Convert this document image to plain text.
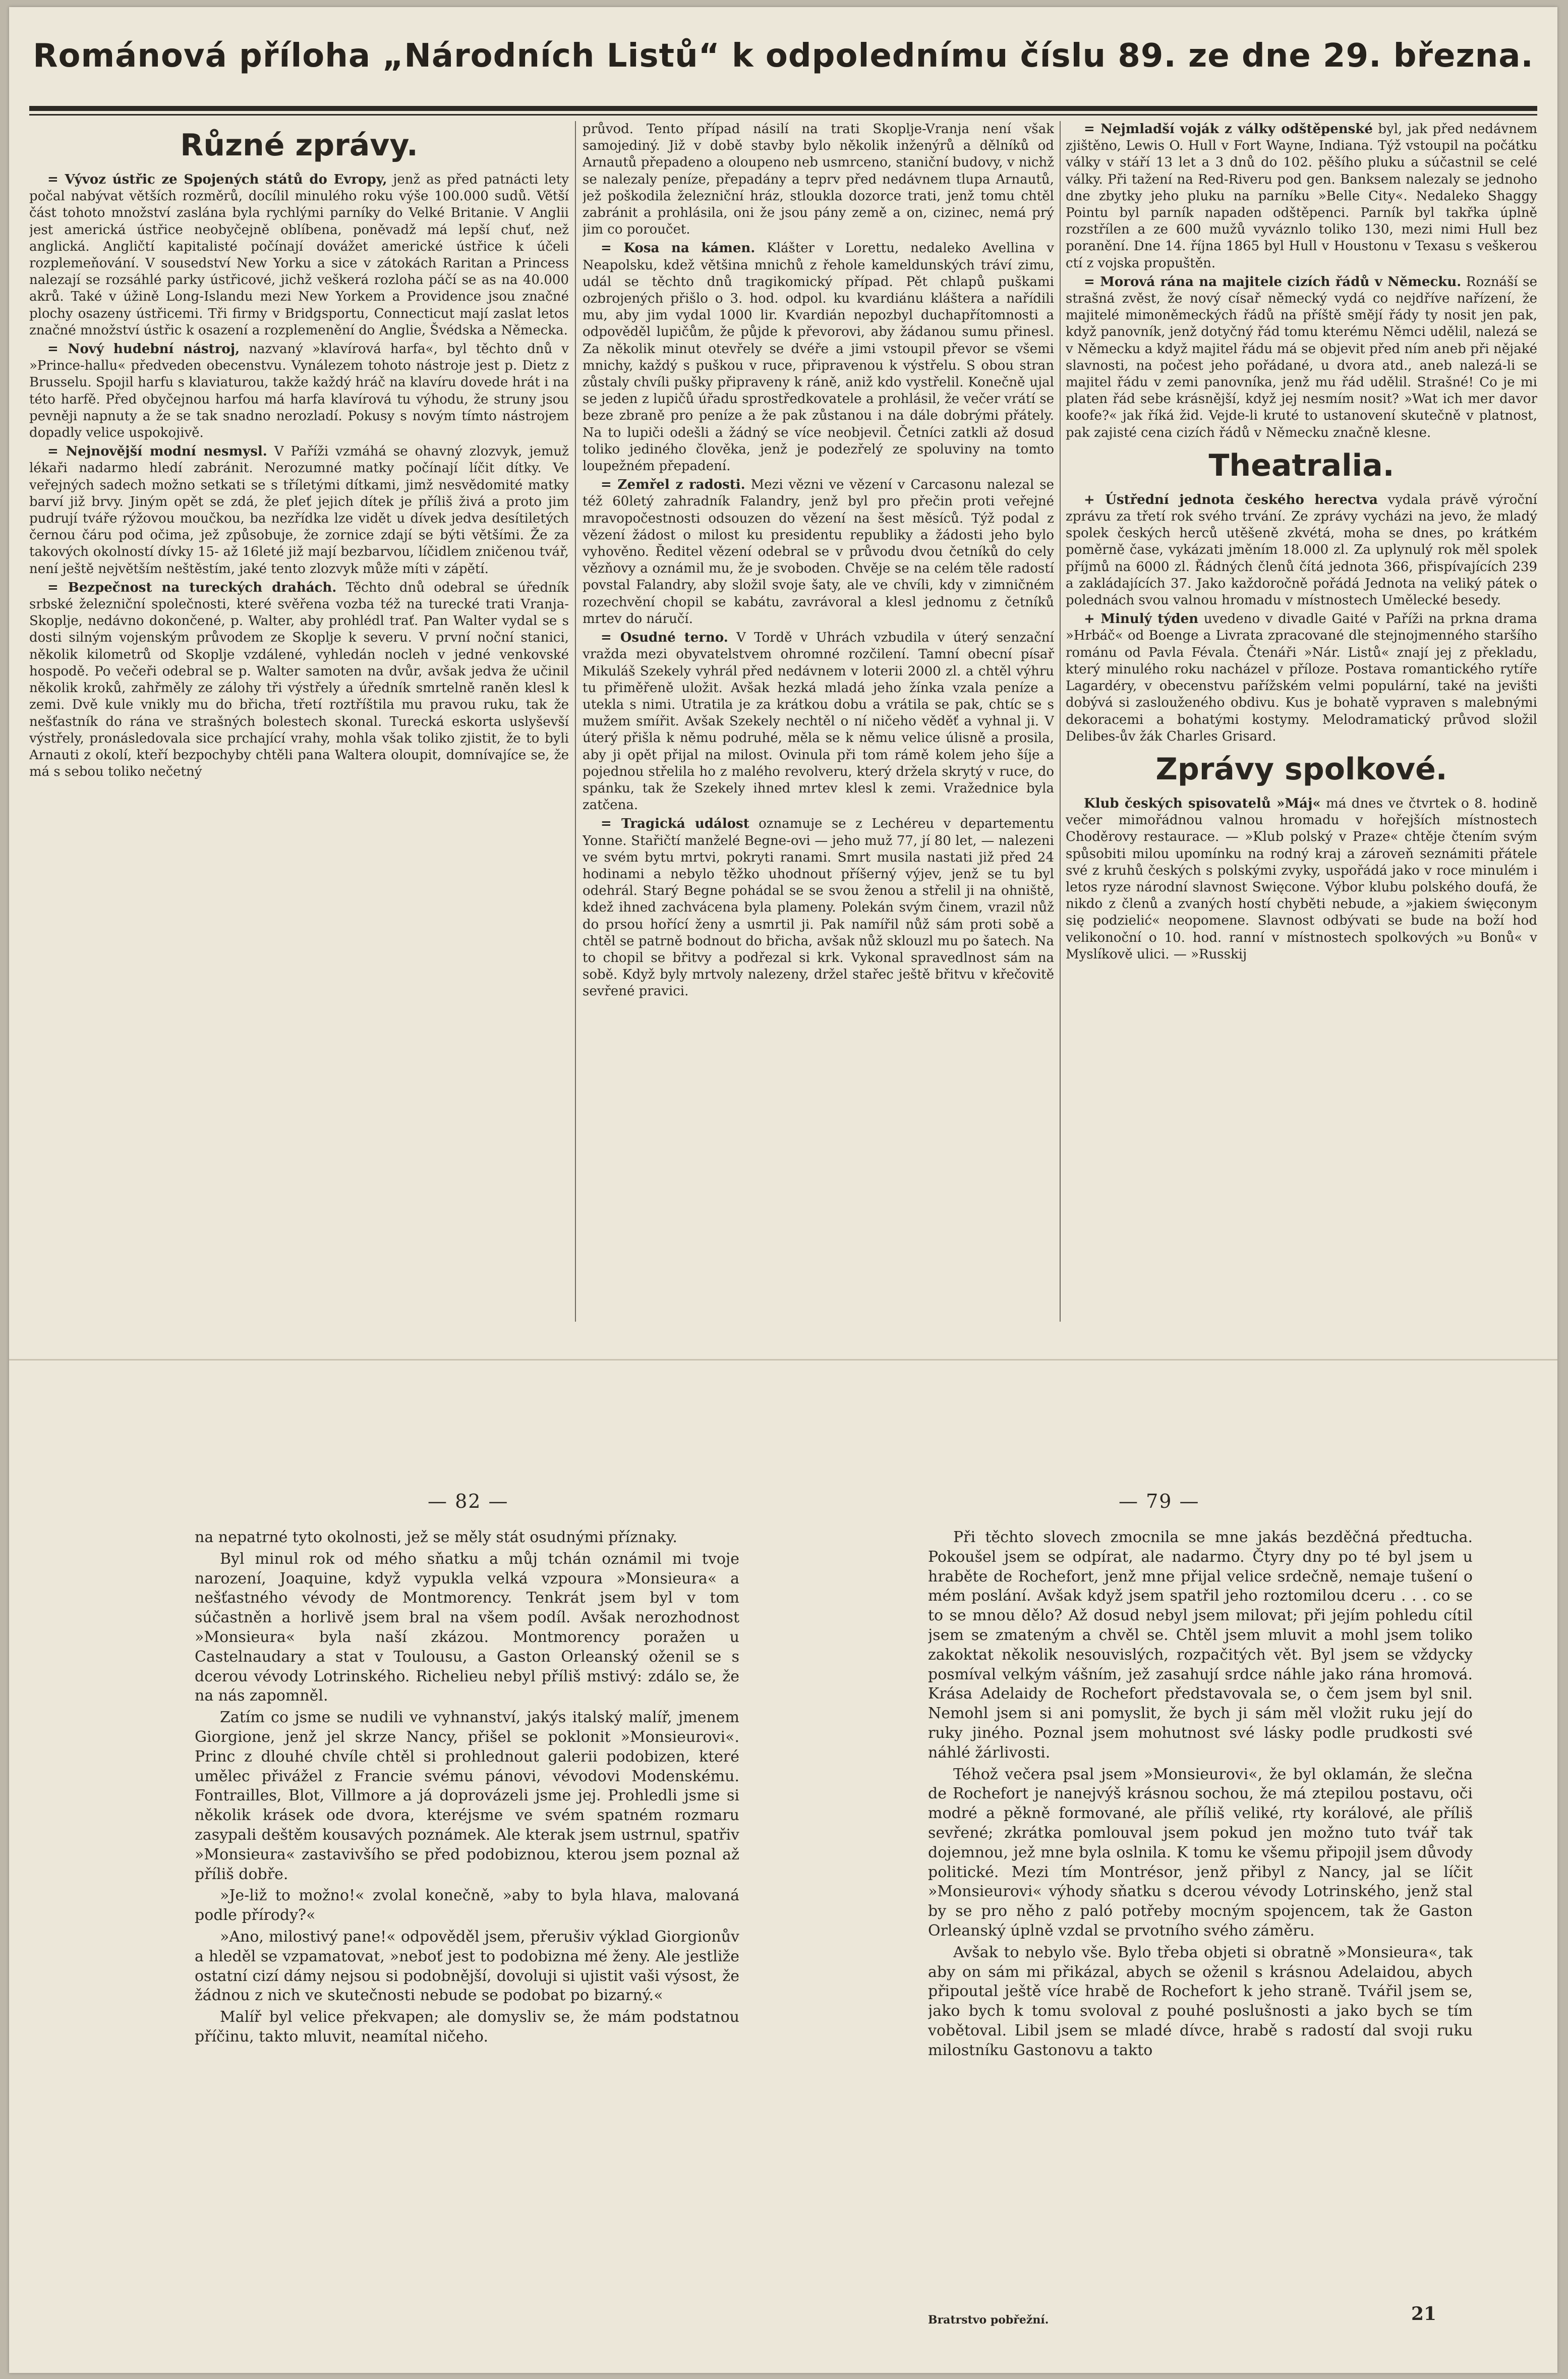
Románová příloha „Národních Listů“ k odpolednímu číslu 89. ze dne 29. března.
Různé zprávy.

= Vývoz ústřic ze Spojených států do Evropy, jenž as před patnácti lety počal nabývat větších rozměrů, docílil minulého roku výše 100.000 sudů. Větší část tohoto množství zaslána byla rychlými parníky do Velké Britanie. V Anglii jest americká ústřice neobyčejně oblíbena, poněvadž má lepší chuť, než anglická. Angličtí kapitalisté počínají dovážet americké ústřice k účeli rozplemeňování. V sousedství New Yorku a sice v zátokách Raritan a Princess nalezají se rozsáhlé parky ústřicové, jichž veškerá rozloha páčí se as na 40.000 akrů. Také v úžině Long-Islandu mezi New Yorkem a Providence jsou značné plochy osazeny ústřicemi. Tři firmy v Bridgsportu, Connecticut mají zaslat letos značné množství ústřic k osazení a rozplemenění do Anglie, Švédska a Německa.

= Nový hudební nástroj, nazvaný »klavírová harfa«, byl těchto dnů v »Prince-hallu« předveden obecenstvu. Vynálezem tohoto nástroje jest p. Dietz z Brusselu. Spojil harfu s klaviaturou, takže každý hráč na klavíru dovede hrát i na této harfě. Před obyčejnou harfou má harfa klavírová tu výhodu, že struny jsou pevněji napnuty a že se tak snadno nerozladí. Pokusy s novým tímto nástrojem dopadly velice uspokojivě.

= Nejnovější modní nesmysl. V Paříži vzmáhá se ohavný zlozvyk, jemuž lékaři nadarmo hledí zabránit. Nerozumné matky počínají líčit dítky. Ve veřejných sadech možno setkati se s tříletými dítkami, jimž nesvědomité matky barví již brvy. Jiným opět se zdá, že pleť jejich dítek je příliš živá a proto jim pudrují tváře rýžovou moučkou, ba nezřídka lze vidět u dívek jedva desítiletých černou čáru pod očima, jež způsobuje, že zornice zdají se býti většími. Že za takových okolností dívky 15- až 16leté již mají bezbarvou, líčidlem zničenou tvář, není ještě největším neštěstím, jaké tento zlozvyk může míti v zápětí.

= Bezpečnost na tureckých drahách. Těchto dnů odebral se úředník srbské železniční společnosti, které svěřena vozba též na turecké trati Vranja-Skoplje, nedávno dokončené, p. Walter, aby prohlédl trať. Pan Walter vydal se s dosti silným vojenským průvodem ze Skoplje k severu. V první noční stanici, několik kilometrů od Skoplje vzdálené, vyhledán nocleh v jedné venkovské hospodě. Po večeři odebral se p. Walter samoten na dvůr, avšak jedva že učinil několik kroků, zahřměly ze zálohy tři výstřely a úředník smrtelně raněn klesl k zemi. Dvě kule vnikly mu do břicha, třetí roztříštila mu pravou ruku, tak že nešťastník do rána ve strašných bolestech skonal. Turecká eskorta uslyševší výstřely, pronásledovala sice prchající vrahy, mohla však toliko zjistit, že to byli Arnauti z okolí, kteří bezpochyby chtěli pana Waltera oloupit, domnívajíce se, že má s sebou toliko nečetný

průvod. Tento případ násilí na trati Skoplje-Vranja není však samojediný. Již v době stavby bylo několik inženýrů a dělníků od Arnautů přepadeno a oloupeno neb usmrceno, staniční budovy, v nichž se nalezaly peníze, přepadány a teprv před nedávnem tlupa Arnautů, jež poškodila železniční hráz, stloukla dozorce trati, jenž tomu chtěl zabránit a prohlásila, oni že jsou pány země a on, cizinec, nemá prý jim co poroučet.

= Kosa na kámen. Klášter v Lorettu, nedaleko Avellina v Neapolsku, kdež většina mnichů z řehole kameldunských tráví zimu, udál se těchto dnů tragikomický případ. Pět chlapů puškami ozbrojených přišlo o 3. hod. odpol. ku kvardiánu kláštera a nařídili mu, aby jim vydal 1000 lir. Kvardián nepozbyl duchapřítomnosti a odpověděl lupičům, že půjde k převorovi, aby žádanou sumu přinesl. Za několik minut otevřely se dvéře a jimi vstoupil převor se všemi mnichy, každý s puškou v ruce, připravenou k výstřelu. S obou stran zůstaly chvíli pušky připraveny k ráně, aniž kdo vystřelil. Konečně ujal se jeden z lupičů úřadu sprostředkovatele a prohlásil, že večer vrátí se beze zbraně pro peníze a že pak zůstanou i na dále dobrými přátely. Na to lupiči odešli a žádný se více neobjevil. Četníci zatkli až dosud toliko jediného člověka, jenž je podezřelý ze spoluviny na tomto loupežném přepadení.

= Zemřel z radosti. Mezi vězni ve vězení v Carcasonu nalezal se též 60letý zahradník Falandry, jenž byl pro přečin proti veřejné mravopočestnosti odsouzen do vězení na šest měsíců. Týž podal z vězení žádost o milost ku presidentu republiky a žádosti jeho bylo vyhověno. Ředitel vězení odebral se v průvodu dvou četníků do cely vězňovy a oznámil mu, že je svoboden. Chvěje se na celém těle radostí povstal Falandry, aby složil svoje šaty, ale ve chvíli, kdy v zimničném rozechvění chopil se kabátu, zavrávoral a klesl jednomu z četníků mrtev do náručí.

= Osudné terno. V Tordě v Uhrách vzbudila v úterý senzační vražda mezi obyvatelstvem ohromné rozčilení. Tamní obecní písař Mikuláš Szekely vyhrál před nedávnem v loterii 2000 zl. a chtěl výhru tu přiměřeně uložit. Avšak hezká mladá jeho žínka vzala peníze a utekla s nimi. Utratila je za krátkou dobu a vrátila se pak, chtíc se s mužem smířit. Avšak Szekely nechtěl o ní ničeho věděť a vyhnal ji. V úterý přišla k němu podruhé, měla se k němu velice úlisně a prosila, aby ji opět přijal na milost. Ovinula při tom rámě kolem jeho šíje a pojednou střelila ho z malého revolveru, který držela skrytý v ruce, do spánku, tak že Szekely ihned mrtev klesl k zemi. Vražednice byla zatčena.

= Tragická událost oznamuje se z Lechéreu v departementu Yonne. Stařičtí manželé Begne-ovi — jeho muž 77, jí 80 let, — nalezeni ve svém bytu mrtvi, pokryti ranami. Smrt musila nastati již před 24 hodinami a nebylo těžko uhodnout příšerný výjev, jenž se tu byl odehrál. Starý Begne pohádal se se svou ženou a střelil ji na ohniště, kdež ihned zachvácena byla plameny. Polekán svým činem, vrazil nůž do prsou hořící ženy a usmrtil ji. Pak namířil nůž sám proti sobě a chtěl se patrně bodnout do břicha, avšak nůž sklouzl mu po šatech. Na to chopil se břitvy a podřezal si krk. Vykonal spravedlnost sám na sobě. Když byly mrtvoly nalezeny, držel stařec ještě břitvu v křečovitě sevřené pravici.

= Nejmladší voják z války odštěpenské byl, jak před nedávnem zjištěno, Lewis O. Hull v Fort Wayne, Indiana. Týž vstoupil na počátku války v stáří 13 let a 3 dnů do 102. pěšího pluku a súčastnil se celé války. Při tažení na Red-Riveru pod gen. Banksem nalezaly se jednoho dne zbytky jeho pluku na parníku »Belle City«. Nedaleko Shaggy Pointu byl parník napaden odštěpenci. Parník byl takřka úplně rozstřílen a ze 600 mužů vyváznlo toliko 130, mezi nimi Hull bez poranění. Dne 14. října 1865 byl Hull v Houstonu v Texasu s veškerou ctí z vojska propuštěn.

= Morová rána na majitele cizích řádů v Německu. Roznáší se strašná zvěst, že nový císař německý vydá co nejdříve nařízení, že majitelé mimoněmeckých řádů na příště smějí řády ty nosit jen pak, když panovník, jenž dotyčný řád tomu kterému Němci udělil, nalezá se v Německu a když majitel řádu má se objevit před ním aneb při nějaké slavnosti, na počest jeho pořádané, u dvora atd., aneb nalezá-li se majitel řádu v zemi panovníka, jenž mu řád udělil. Strašné! Co je mi platen řád sebe krásnější, když jej nesmím nosit? »Wat ich mer davor koofe?« jak říká žid. Vejde-li kruté to ustanovení skutečně v platnost, pak zajisté cena cizích řádů v Německu značně klesne.

Theatralia.

+ Ústřední jednota českého herectva vydala právě výroční zprávu za třetí rok svého trvání. Ze zprávy vycházi na jevo, že mladý spolek českých herců utěšeně zkvétá, moha se dnes, po krátkém poměrně čase, vykázati jměním 18.000 zl. Za uplynulý rok měl spolek příjmů na 6000 zl. Řádných členů čítá jednota 366, přispívajících 239 a zakládajících 37. Jako každoročně pořádá Jednota na veliký pátek o polednách svou valnou hromadu v místnostech Umělecké besedy.

+ Minulý týden uvedeno v divadle Gaité v Paříži na prkna drama »Hrbáč« od Boenge a Livrata zpracované dle stejnojmenného staršího románu od Pavla Févala. Čtenáři »Nár. Listů« znají jej z překladu, který minulého roku nacházel v příloze. Postava romantického rytíře Lagardéry, v obecenstvu pařížském velmi populární, také na jevišti dobývá si zaslouženého obdivu. Kus je bohatě vypraven s malebnými dekoracemi a bohatými kostymy. Melodramatický průvod složil Delibes-ův žák Charles Grisard.

Zprávy spolkové.

Klub českých spisovatelů »Máj« má dnes ve čtvrtek o 8. hodině večer mimořádnou valnou hromadu v hořejších místnostech Choděrovy restaurace. — »Klub polský v Praze« chtěje čtením svým spůsobiti milou upomínku na rodný kraj a zároveň seznámiti přátele své z kruhů českých s polskými zvyky, uspořádá jako v roce minulém i letos ryze národní slavnost Swięcone. Výbor klubu polského doufá, že nikdo z členů a zvaných hostí chyběti nebude, a »jakiem święconym się podzielić« neopomene. Slavnost odbývati se bude na boží hod velikonoční o 10. hod. ranní v místnostech spolkových »u Bonů« v Myslíkově ulici. — »Russkij

— 82 —	— 79 —

na nepatrné tyto okolnosti, jež se měly stát osudnými příznaky.

Byl minul rok od mého sňatku a můj tchán oznámil mi tvoje narození, Joaquine, když vypukla velká vzpoura »Monsieura« a nešťastného vévody de Montmorency. Tenkrát jsem byl v tom súčastněn a horlivě jsem bral na všem podíl. Avšak nerozhodnost »Monsieura« byla naší zkázou. Montmorency poražen u Castelnaudary a stat v Toulousu, a Gaston Orleanský oženil se s dcerou vévody Lotrinského. Richelieu nebyl příliš mstivý: zdálo se, že na nás zapomněl.

Zatím co jsme se nudili ve vyhnanství, jakýs italský malíř, jmenem Giorgione, jenž jel skrze Nancy, přišel se poklonit »Monsieurovi«. Princ z dlouhé chvíle chtěl si prohlednout galerii podobizen, které umělec přivážel z Francie svému pánovi, vévodovi Modenskému. Fontrailles, Blot, Villmore a já doprovázeli jsme jej. Prohledli jsme si několik krásek ode dvora, kteréjsme ve svém spatném rozmaru zasypali deštěm kousavých poznámek. Ale kterak jsem ustrnul, spatřiv »Monsieura« zastavivšího se před podobiznou, kterou jsem poznal až příliš dobře.

»Je-liž to možno!« zvolal konečně, »aby to byla hlava, malovaná podle přírody?«

»Ano, milostivý pane!« odpověděl jsem, přerušiv výklad Giorgionův a hleděl se vzpamatovat, »neboť jest to podobizna mé ženy. Ale jestliže ostatní cizí dámy nejsou si podobnější, dovoluji si ujistit vaši výsost, že žádnou z nich ve skutečnosti nebude se podobat po bizarný.«

Malíř byl velice překvapen; ale domysliv se, že mám podstatnou příčinu, takto mluvit, neamítal ničeho.

Při těchto slovech zmocnila se mne jakás bezděčná předtucha. Pokoušel jsem se odpírat, ale nadarmo. Čtyry dny po té byl jsem u hraběte de Rochefort, jenž mne přijal velice srdečně, nemaje tušení o mém poslání. Avšak když jsem spatřil jeho roztomilou dceru . . . co se to se mnou dělo? Až dosud nebyl jsem milovat; při jejím pohledu cítil jsem se zmateným a chvěl se. Chtěl jsem mluvit a mohl jsem toliko zakoktat několik nesouvislých, rozpačitých vět. Byl jsem se vždycky posmíval velkým vášním, jež zasahují srdce náhle jako rána hromová. Krása Adelaidy de Rochefort představovala se, o čem jsem byl snil. Nemohl jsem si ani pomyslit, že bych ji sám měl vložit ruku její do ruky jiného. Poznal jsem mohutnost své lásky podle prudkosti své náhlé žárlivosti.

Téhož večera psal jsem »Monsieurovi«, že byl oklamán, že slečna de Rochefort je nanejvýš krásnou sochou, že má ztepilou postavu, oči modré a pěkně formované, ale příliš veliké, rty korálové, ale příliš sevřené; zkrátka pomlouval jsem pokud jen možno tuto tvář tak dojemnou, jež mne byla oslnila. K tomu ke všemu připojil jsem důvody politické. Mezi tím Montrésor, jenž přibyl z Nancy, jal se líčit »Monsieurovi« výhody sňatku s dcerou vévody Lotrinského, jenž stal by se pro něho z paló potřeby mocným spojencem, tak že Gaston Orleanský úplně vzdal se prvotního svého záměru.

Avšak to nebylo vše. Bylo třeba objeti si obratně »Monsieura«, tak aby on sám mi přikázal, abych se oženil s krásnou Adelaidou, abych připoutal ještě více hrabě de Rochefort k jeho straně. Tvářil jsem se, jako bych k tomu svoloval z pouhé poslušnosti a jako bych se tím vobětoval. Libil jsem se mladé dívce, hrabě s radostí dal svoji ruku milostníku Gastonovu a takto

Bratrstvo pobřežní.	21
